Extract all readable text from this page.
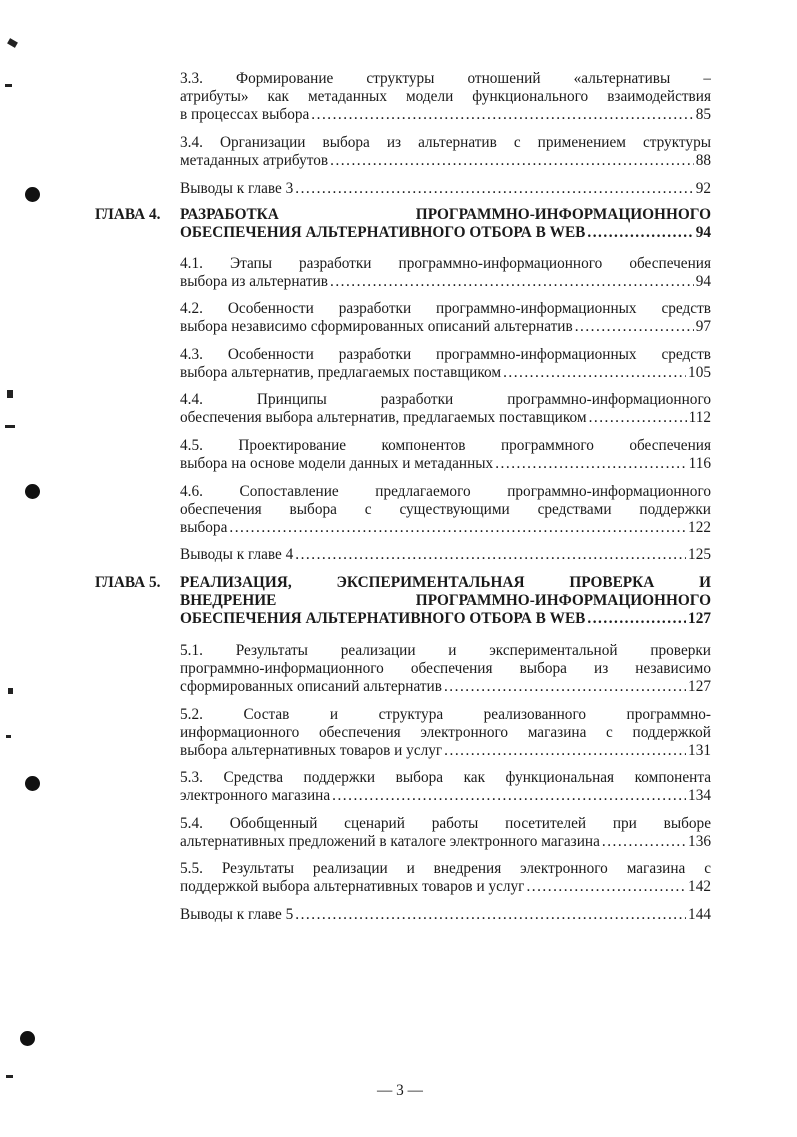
3.3. Формирование структуры отношений «альтернативы –
атрибуты» как метаданных модели функционального взаимодействия
в процессах выбора .....	85
3.4. Организации выбора из альтернатив с применением структуры
метаданных атрибутов .....	88
Выводы к главе 3 .....	92
ГЛАВА 4. РАЗРАБОТКА ПРОГРАММНО-ИНФОРМАЦИОННОГО
ОБЕСПЕЧЕНИЯ АЛЬТЕРНАТИВНОГО ОТБОРА В WEB .....	94
4.1. Этапы разработки программно-информационного обеспечения
выбора из альтернатив .....	94
4.2. Особенности разработки программно-информационных средств
выбора независимо сформированных описаний альтернатив .....	97
4.3. Особенности разработки программно-информационных средств
выбора альтернатив, предлагаемых поставщиком .....	105
4.4. Принципы разработки программно-информационного
обеспечения выбора альтернатив, предлагаемых поставщиком .....	112
4.5. Проектирование компонентов программного обеспечения
выбора на основе модели данных и метаданных .....	116
4.6. Сопоставление предлагаемого программно-информационного
обеспечения выбора с существующими средствами поддержки
выбора .....	122
Выводы к главе 4 .....	125
ГЛАВА 5. РЕАЛИЗАЦИЯ, ЭКСПЕРИМЕНТАЛЬНАЯ ПРОВЕРКА И
ВНЕДРЕНИЕ ПРОГРАММНО-ИНФОРМАЦИОННОГО
ОБЕСПЕЧЕНИЯ АЛЬТЕРНАТИВНОГО ОТБОРА В WEB .....	127
5.1. Результаты реализации и экспериментальной проверки
программно-информационного обеспечения выбора из независимо
сформированных описаний альтернатив .....	127
5.2. Состав и структура реализованного программно-
информационного обеспечения электронного магазина с поддержкой
выбора альтернативных товаров и услуг .....	131
5.3. Средства поддержки выбора как функциональная компонента
электронного магазина .....	134
5.4. Обобщенный сценарий работы посетителей при выборе
альтернативных предложений в каталоге электронного магазина .....	136
5.5. Результаты реализации и внедрения электронного магазина с
поддержкой выбора альтернативных товаров и услуг .....	142
Выводы к главе 5 .....	144
— 3 —
